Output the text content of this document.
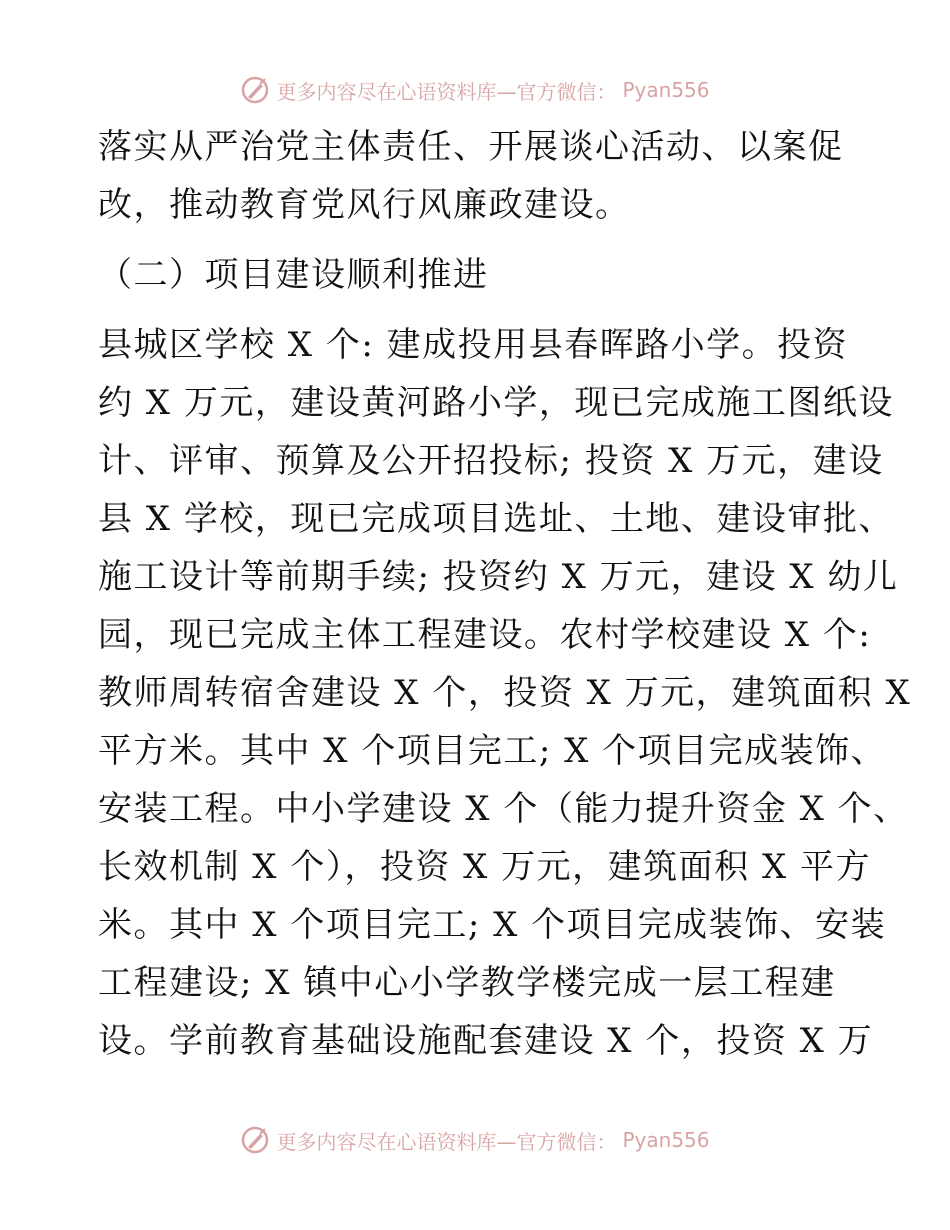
更多内容尽在心语资料库—官方微信： Pyan556
落实从严治党主体责任、开展谈心活动、以案促
改，推动教育党风行风廉政建设。
（二）项目建设顺利推进
县城区学校 X 个: 建成投用县春晖路小学。投资
约 X 万元，建设黄河路小学，现已完成施工图纸设
计、评审、预算及公开招投标; 投资 X 万元，建设
县 X 学校，现已完成项目选址、土地、建设审批、
施工设计等前期手续; 投资约 X 万元，建设 X 幼儿
园，现已完成主体工程建设。农村学校建设 X 个:
教师周转宿舍建设 X 个，投资 X 万元，建筑面积 X
平方米。其中 X 个项目完工; X 个项目完成装饰、
安装工程。中小学建设 X 个（能力提升资金 X 个、
长效机制 X 个），投资 X 万元，建筑面积 X 平方
米。其中 X 个项目完工; X 个项目完成装饰、安装
工程建设; X 镇中心小学教学楼完成一层工程建
设。学前教育基础设施配套建设 X 个，投资 X 万
更多内容尽在心语资料库—官方微信： Pyan556
